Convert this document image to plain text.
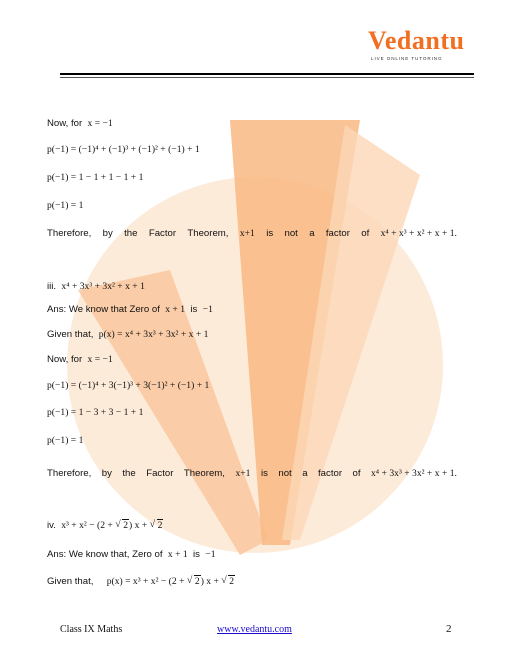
Vedantu
LIVE ONLINE TUTORING
Now, for x = −1
p(−1) = (−1)⁴ + (−1)³ + (−1)² + (−1) + 1
p(−1) = 1 − 1 + 1 − 1 + 1
p(−1) = 1
Therefore, by the Factor Theorem, x+1 is not a factor of x⁴ + x³ + x² + x + 1.
iii. x⁴ + 3x³ + 3x² + x + 1
Ans: We know that Zero of x + 1 is −1
Given that, p(x) = x⁴ + 3x³ + 3x² + x + 1
Now, for x = −1
p(−1) = (−1)⁴ + 3(−1)³ + 3(−1)² + (−1) + 1
p(−1) = 1 − 3 + 3 − 1 + 1
p(−1) = 1
Therefore, by the Factor Theorem, x+1 is not a factor of x⁴ + 3x³ + 3x² + x + 1.
iv. x³ + x² − (2 + √ 2) x + √ 2
Ans: We know that, Zero of x + 1 is −1
Given that, p(x) = x³ + x² − (2 + √ 2) x + √ 2
Class IX Maths	www.vedantu.com	2
